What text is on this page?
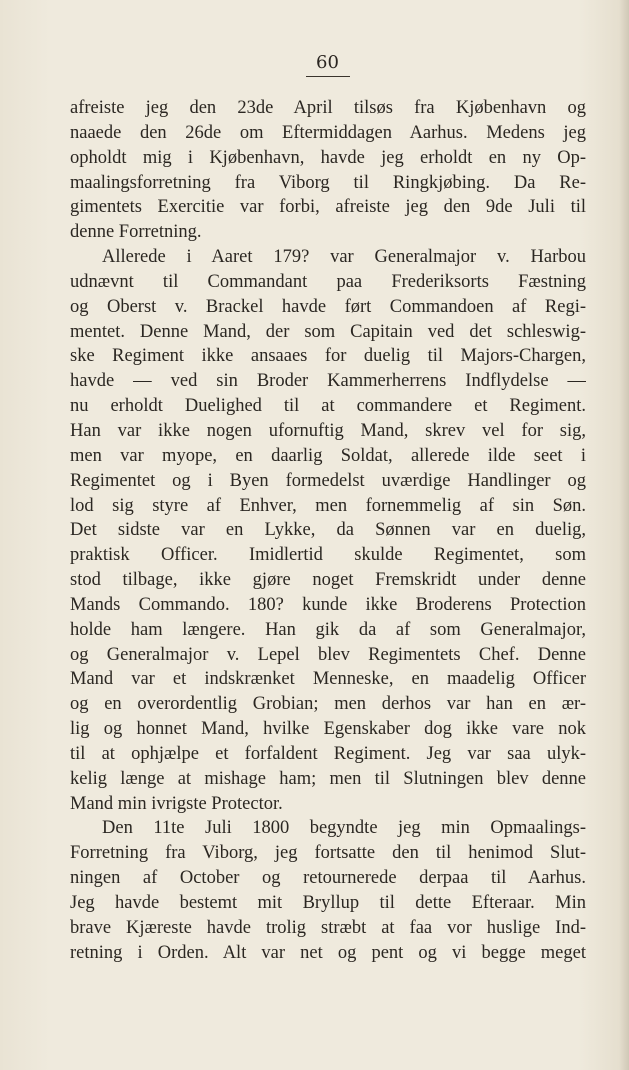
60
afreiste jeg den 23de April tilsøs fra Kjøbenhavn og
naaede den 26de om Eftermiddagen Aarhus. Medens jeg
opholdt mig i Kjøbenhavn, havde jeg erholdt en ny Op-
maalingsforretning fra Viborg til Ringkjøbing. Da Re-
gimentets Exercitie var forbi, afreiste jeg den 9de Juli til
denne Forretning.
Allerede i Aaret 179? var Generalmajor v. Harbou
udnævnt til Commandant paa Frederiksorts Fæstning
og Oberst v. Brackel havde ført Commandoen af Regi-
mentet. Denne Mand, der som Capitain ved det schleswig-
ske Regiment ikke ansaaes for duelig til Majors-Chargen,
havde — ved sin Broder Kammerherrens Indflydelse —
nu erholdt Duelighed til at commandere et Regiment.
Han var ikke nogen ufornuftig Mand, skrev vel for sig,
men var myope, en daarlig Soldat, allerede ilde seet i
Regimentet og i Byen formedelst uværdige Handlinger og
lod sig styre af Enhver, men fornemmelig af sin Søn.
Det sidste var en Lykke, da Sønnen var en duelig,
praktisk Officer. Imidlertid skulde Regimentet, som
stod tilbage, ikke gjøre noget Fremskridt under denne
Mands Commando. 180? kunde ikke Broderens Protection
holde ham længere. Han gik da af som Generalmajor,
og Generalmajor v. Lepel blev Regimentets Chef. Denne
Mand var et indskrænket Menneske, en maadelig Officer
og en overordentlig Grobian; men derhos var han en ær-
lig og honnet Mand, hvilke Egenskaber dog ikke vare nok
til at ophjælpe et forfaldent Regiment. Jeg var saa ulyk-
kelig længe at mishage ham; men til Slutningen blev denne
Mand min ivrigste Protector.
Den 11te Juli 1800 begyndte jeg min Opmaalings-
Forretning fra Viborg, jeg fortsatte den til henimod Slut-
ningen af October og retournerede derpaa til Aarhus.
Jeg havde bestemt mit Bryllup til dette Efteraar. Min
brave Kjæreste havde trolig stræbt at faa vor huslige Ind-
retning i Orden. Alt var net og pent og vi begge meget
